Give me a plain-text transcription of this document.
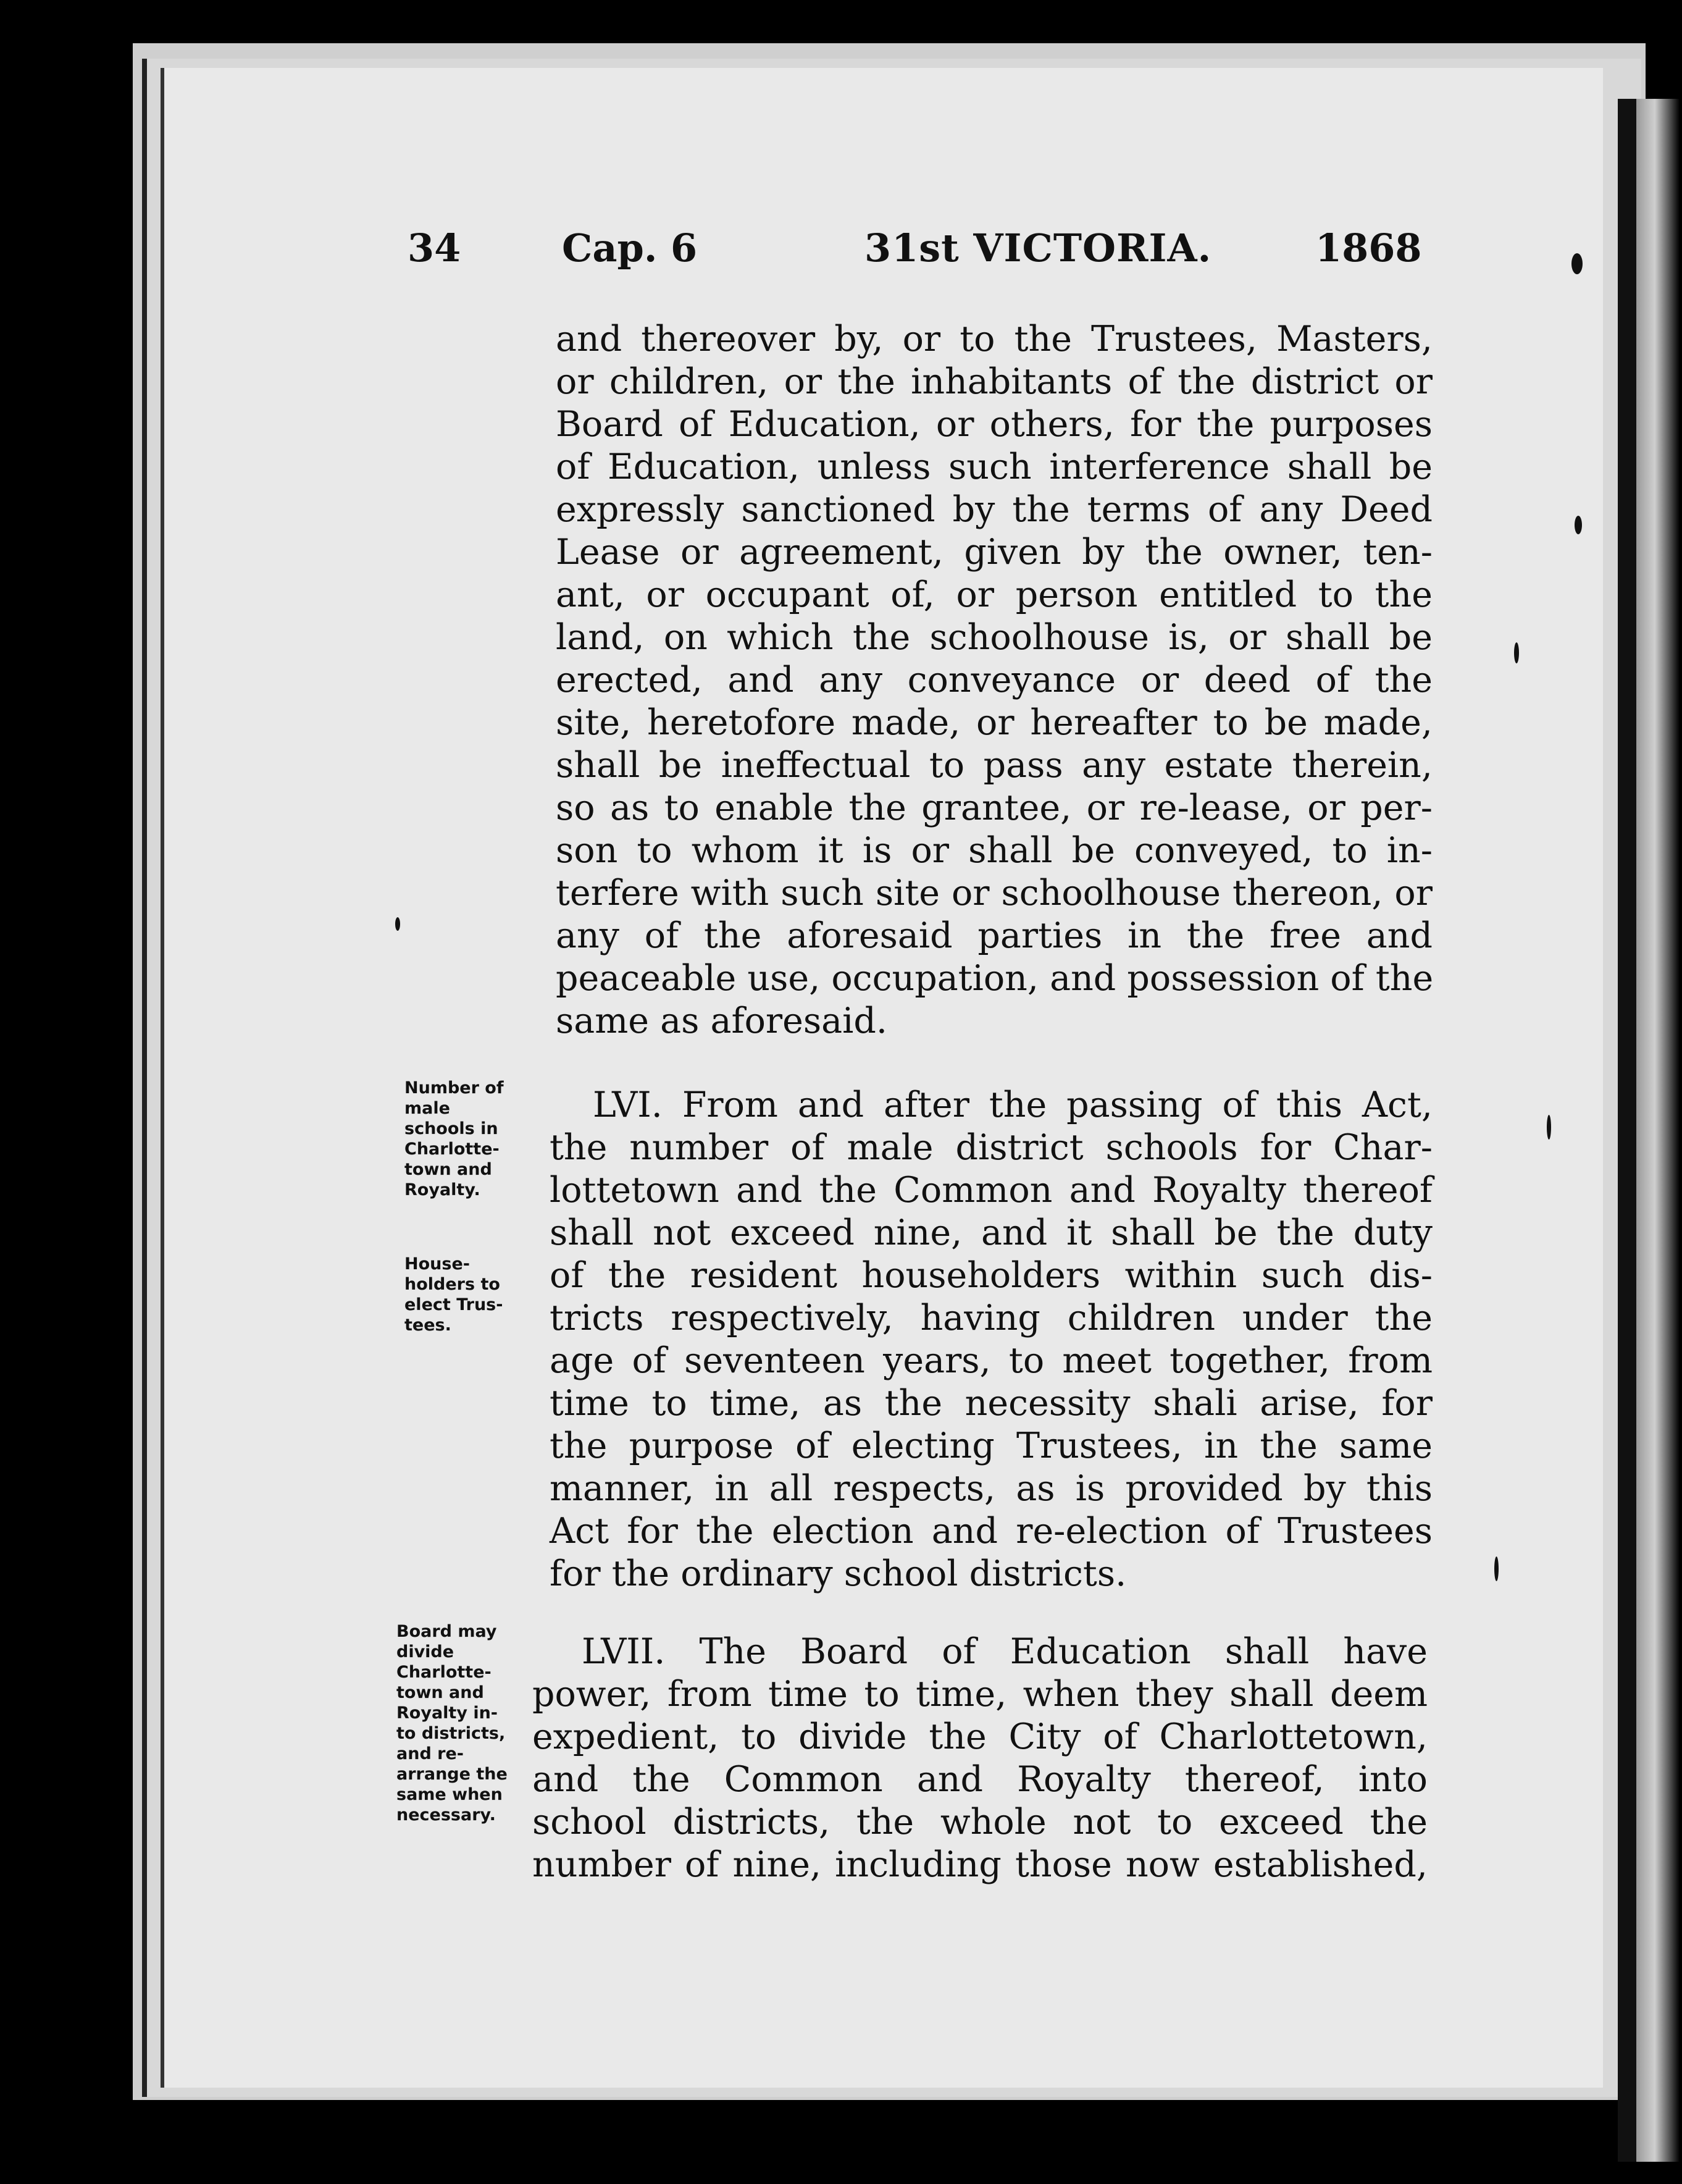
34	Cap. 6	31st VICTORIA.	1868
and thereover by, or to the Trustees, Masters,
or children, or the inhabitants of the district or
Board of Education, or others, for the purposes
of Education, unless such interference shall be
expressly sanctioned by the terms of any Deed
Lease or agreement, given by the owner, ten-
ant, or occupant of, or person entitled to the
land, on which the schoolhouse is, or shall be
erected, and any conveyance or deed of the
site, heretofore made, or hereafter to be made,
shall be ineffectual to pass any estate therein,
so as to enable the grantee, or re-lease, or per-
son to whom it is or shall be conveyed, to in-
terfere with such site or schoolhouse thereon, or
any of the aforesaid parties in the free and
peaceable use, occupation, and possession of the
same as aforesaid.
Number of
male
schools in
Charlotte-
town and
Royalty.
House-
holders to
elect Trus-
tees.
LVI. From and after the passing of this Act,
the number of male district schools for Char-
lottetown and the Common and Royalty thereof
shall not exceed nine, and it shall be the duty
of the resident householders within such dis-
tricts respectively, having children under the
age of seventeen years, to meet together, from
time to time, as the necessity shali arise, for
the purpose of electing Trustees, in the same
manner, in all respects, as is provided by this
Act for the election and re-election of Trustees
for the ordinary school districts.
Board may
divide
Charlotte-
town and
Royalty in-
to districts,
and re-
arrange the
same when
necessary.
LVII. The Board of Education shall have
power, from time to time, when they shall deem
expedient, to divide the City of Charlottetown,
and the Common and Royalty thereof, into
school districts, the whole not to exceed the
number of nine, including those now established,
